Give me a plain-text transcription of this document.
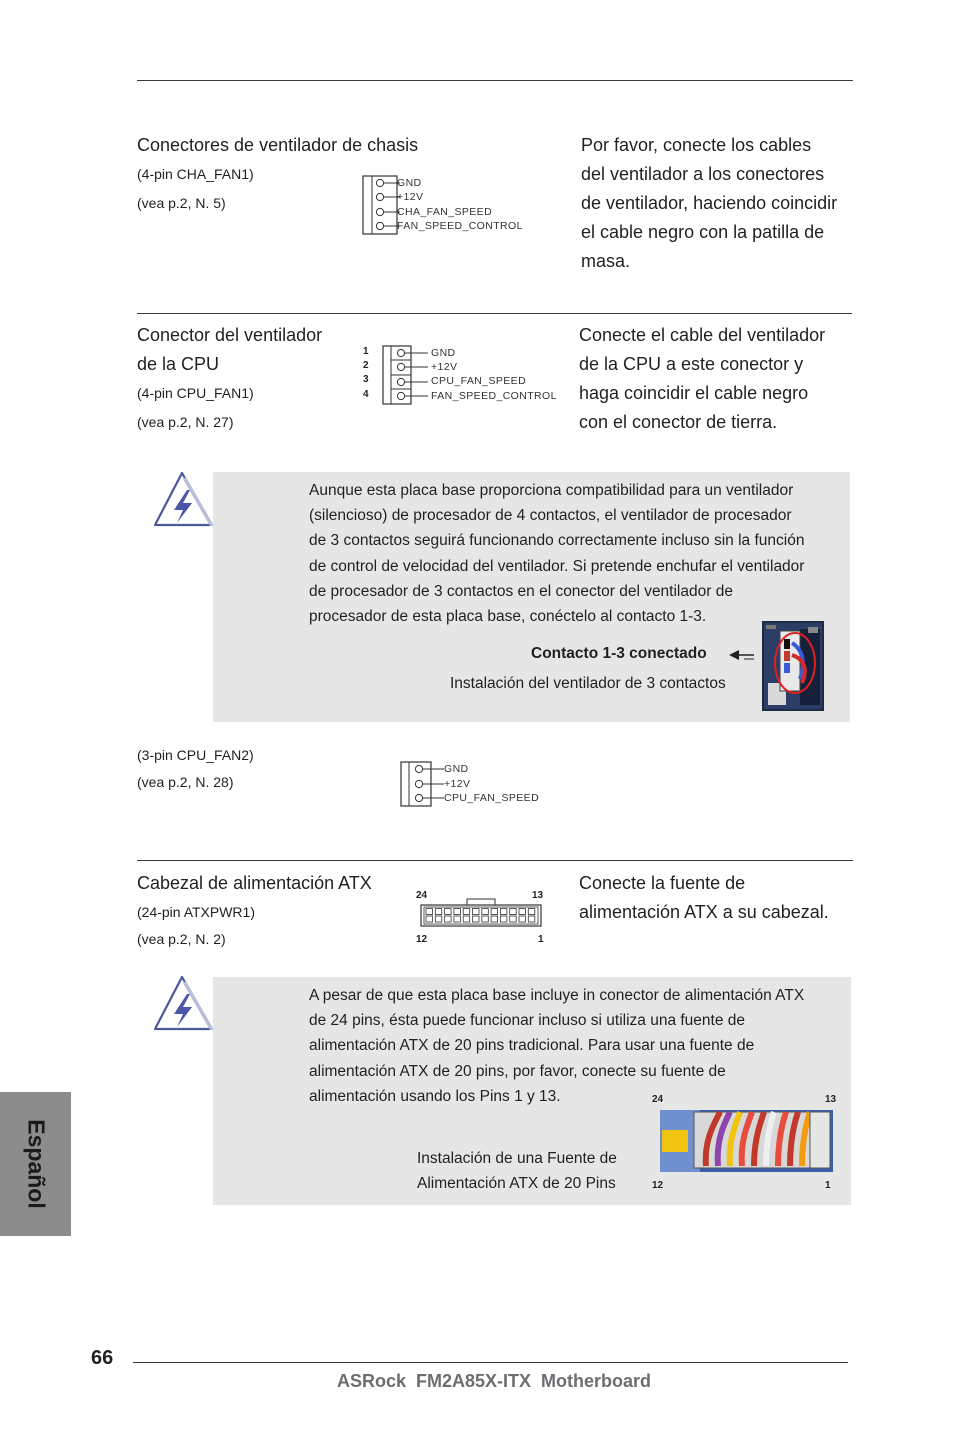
Conectores de ventilador de chasis
(4-pin CHA_FAN1)
(vea p.2, N. 5)
GND
+12V
CHA_FAN_SPEED
FAN_SPEED_CONTROL
Por favor, conecte los cables
del ventilador a los conectores
de ventilador, haciendo coincidir
el cable negro con la patilla de
masa.
Conector del ventilador
de la CPU
(4-pin CPU_FAN1)
(vea p.2, N. 27)
1
2
3
4
GND
+12V
CPU_FAN_SPEED
FAN_SPEED_CONTROL
Conecte el cable del ventilador
de la CPU a este conector y
haga coincidir el cable negro
con el conector de tierra.
Aunque esta placa base proporciona compatibilidad para un ventilador
(silencioso) de procesador de 4 contactos, el ventilador de procesador
de 3 contactos seguirá funcionando correctamente incluso sin la función
de control de velocidad del ventilador. Si pretende enchufar el ventilador
de procesador de 3 contactos en el conector del ventilador de
procesador de esta placa base, conéctelo al contacto 1-3.
Contacto 1-3 conectado
Instalación del ventilador de 3 contactos
(3-pin CPU_FAN2)
(vea p.2, N. 28)
GND
+12V
CPU_FAN_SPEED
Cabezal de alimentación ATX
(24-pin ATXPWR1)
(vea p.2, N. 2)
24	13
12	1
Conecte la fuente de
alimentación ATX a su cabezal.
A pesar de que esta placa base incluye in conector de alimentación ATX
de 24 pins, ésta puede funcionar incluso si utiliza una fuente de
alimentación ATX de 20 pins tradicional. Para usar una fuente de
alimentación ATX de 20 pins, por favor, conecte su fuente de
alimentación usando los Pins 1 y 13.
Instalación de una Fuente de
Alimentación ATX de 20 Pins
24	13
12	1
Español
66
ASRock  FM2A85X-ITX  Motherboard
